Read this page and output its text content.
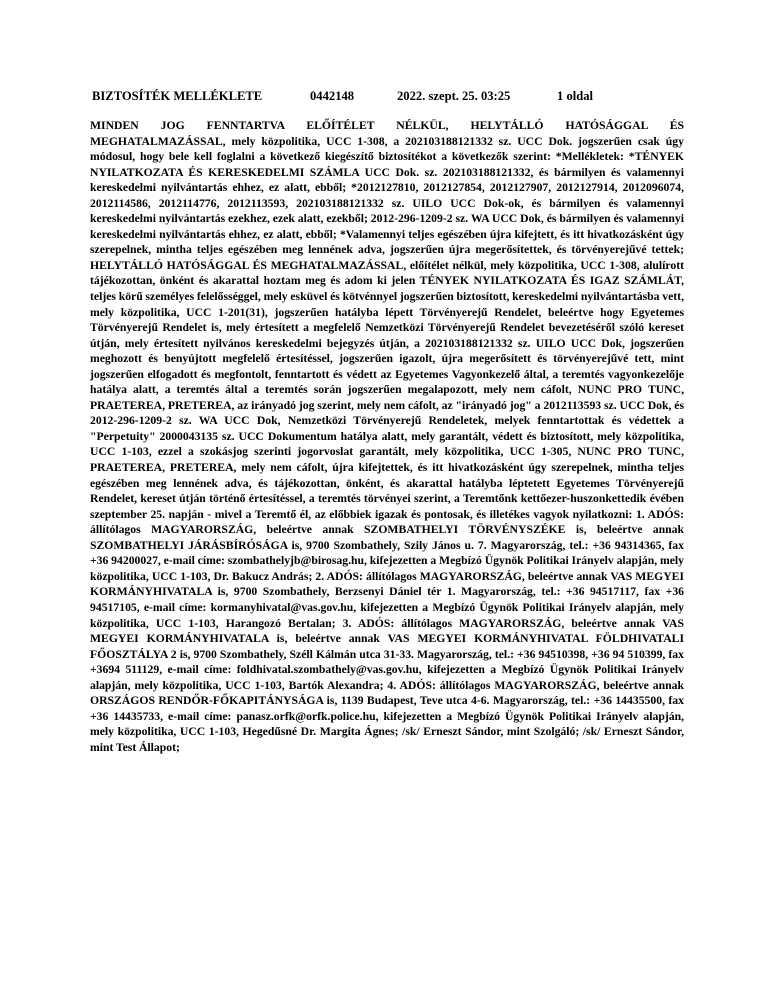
BIZTOSÍTÉK MELLÉKLETE	0442148	2022. szept. 25. 03:25	1 oldal

MINDEN JOG FENNTARTVA ELŐÍTÉLET NÉLKÜL, HELYTÁLLÓ HATÓSÁGGAL ÉS MEGHATALMAZÁSSAL, mely közpolitika, UCC 1-308, a 202103188121332 sz. UCC Dok. jogszerűen csak úgy módosul, hogy bele kell foglalni a következő kiegészítő biztosítékot a következők szerint: *Mellékletek: *TÉNYEK NYILATKOZATA ÉS KERESKEDELMI SZÁMLA UCC Dok. sz. 202103188121332, és bármilyen és valamennyi kereskedelmi nyilvántartás ehhez, ez alatt, ebből; *2012127810, 2012127854, 2012127907, 2012127914, 2012096074, 2012114586, 2012114776, 2012113593, 202103188121332 sz. UILO UCC Dok-ok, és bármilyen és valamennyi kereskedelmi nyilvántartás ezekhez, ezek alatt, ezekből; 2012-296-1209-2 sz. WA UCC Dok, és bármilyen és valamennyi kereskedelmi nyilvántartás ehhez, ez alatt, ebből; *Valamennyi teljes egészében újra kifejtett, és itt hivatkozásként úgy szerepelnek, mintha teljes egészében meg lennének adva, jogszerűen újra megerősítettek, és törvényerejűvé tettek; HELYTÁLLÓ HATÓSÁGGAL ÉS MEGHATALMAZÁSSAL, előítélet nélkül, mely közpolitika, UCC 1-308, alulírott tájékozottan, önként és akarattal hoztam meg és adom ki jelen TÉNYEK NYILATKOZATA ÉS IGAZ SZÁMLÁT, teljes körű személyes felelősséggel, mely esküvel és kötvénnyel jogszerűen biztosított, kereskedelmi nyilvántartásba vett, mely közpolitika, UCC 1-201(31), jogszerűen hatályba lépett Törvényerejű Rendelet, beleértve hogy Egyetemes Törvényerejű Rendelet is, mely értesített a megfelelő Nemzetközi Törvényerejű Rendelet bevezetéséről szóló kereset útján, mely értesített nyilvános kereskedelmi bejegyzés útján, a 202103188121332 sz. UILO UCC Dok, jogszerűen meghozott és benyújtott megfelelő értesítéssel, jogszerűen igazolt, újra megerősített és törvényerejűvé tett, mint jogszerűen elfogadott és megfontolt, fenntartott és védett az Egyetemes Vagyonkezelő által, a teremtés vagyonkezelője hatálya alatt, a teremtés által a teremtés során jogszerűen megalapozott, mely nem cáfolt, NUNC PRO TUNC, PRAETEREA, PRETEREA, az irányadó jog szerint, mely nem cáfolt, az "irányadó jog" a 2012113593 sz. UCC Dok, és 2012-296-1209-2 sz. WA UCC Dok, Nemzetközi Törvényerejű Rendeletek, melyek fenntartottak és védettek a "Perpetuity" 2000043135 sz. UCC Dokumentum hatálya alatt, mely garantált, védett és biztosított, mely közpolitika, UCC 1-103, ezzel a szokásjog szerinti jogorvoslat garantált, mely közpolitika, UCC 1-305, NUNC PRO TUNC, PRAETEREA, PRETEREA, mely nem cáfolt, újra kifejtettek, és itt hivatkozásként úgy szerepelnek, mintha teljes egészében meg lennének adva, és tájékozottan, önként, és akarattal hatályba léptetett Egyetemes Törvényerejű Rendelet, kereset útján történő értesítéssel, a teremtés törvényei szerint, a Teremtőnk kettőezer-huszonkettedik évében szeptember 25. napján - mivel a Teremtő él, az előbbiek igazak és pontosak, és illetékes vagyok nyilatkozni: 1. ADÓS: állítólagos MAGYARORSZÁG, beleértve annak SZOMBATHELYI TÖRVÉNYSZÉKE is, beleértve annak SZOMBATHELYI JÁRÁSBÍRÓSÁGA is, 9700 Szombathely, Szily János u. 7. Magyarország, tel.: +36 94314365, fax +36 94200027, e-mail címe: szombathelyjb@birosag.hu, kifejezetten a Megbízó Ügynök Politikai Irányelv alapján, mely közpolitika, UCC 1-103, Dr. Bakucz András; 2. ADÓS: állítólagos MAGYARORSZÁG, beleértve annak VAS MEGYEI KORMÁNYHIVATALA is, 9700 Szombathely, Berzsenyi Dániel tér 1. Magyarország, tel.: +36 94517117, fax +36 94517105, e-mail címe: kormanyhivatal@vas.gov.hu, kifejezetten a Megbízó Ügynök Politikai Irányelv alapján, mely közpolitika, UCC 1-103, Harangozó Bertalan; 3. ADÓS: állítólagos MAGYARORSZÁG, beleértve annak VAS MEGYEI KORMÁNYHIVATALA is, beleértve annak VAS MEGYEI KORMÁNYHIVATAL FÖLDHIVATALI FŐOSZTÁLYA 2 is, 9700 Szombathely, Széll Kálmán utca 31-33. Magyarország, tel.: +36 94510398, +36 94 510399, fax +3694 511129, e-mail címe: foldhivatal.szombathely@vas.gov.hu, kifejezetten a Megbízó Ügynök Politikai Irányelv alapján, mely közpolitika, UCC 1-103, Bartók Alexandra; 4. ADÓS: állítólagos MAGYARORSZÁG, beleértve annak ORSZÁGOS RENDŐR-FŐKAPITÁNYSÁGA is, 1139 Budapest, Teve utca 4-6. Magyarország, tel.: +36 14435500, fax +36 14435733, e-mail címe: panasz.orfk@orfk.police.hu, kifejezetten a Megbízó Ügynök Politikai Irányelv alapján, mely közpolitika, UCC 1-103, Hegedűsné Dr. Margita Ágnes; /sk/ Erneszt Sándor, mint Szolgáló; /sk/ Erneszt Sándor, mint Test Állapot;
